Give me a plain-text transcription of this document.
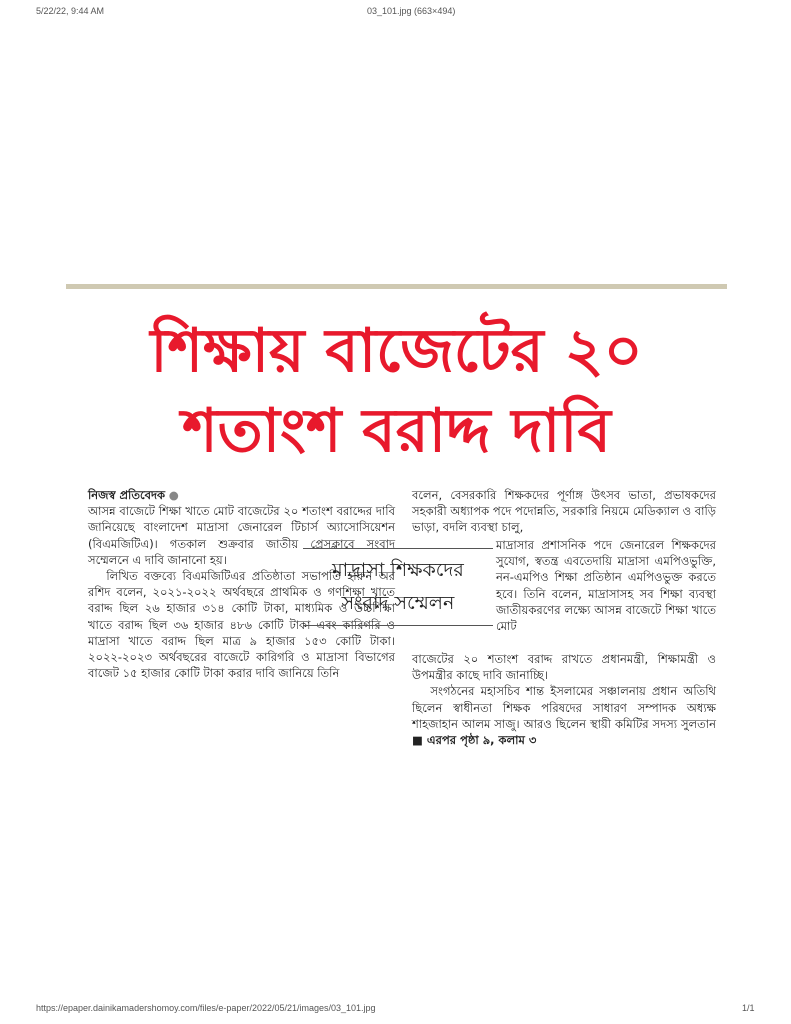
5/22/22, 9:44 AM	03_101.jpg (663×494)
শিক্ষায় বাজেটের ২০
শতাংশ বরাদ্দ দাবি

নিজস্ব প্রতিবেদক ●

আসন্ন বাজেটে শিক্ষা খাতে মোট বাজেটের ২০ শতাংশ বরাদ্দের দাবি জানিয়েছে বাংলাদেশ মাদ্রাসা জেনারেল টিচার্স অ্যাসোসিয়েশন (বিএমজিটিএ)। গতকাল শুক্রবার জাতীয় প্রেসক্লাবে সংবাদ সম্মেলনে এ দাবি জানানো হয়।

লিখিত বক্তব্যে বিএমজিটিএর প্রতিষ্ঠাতা সভাপতি হারুন অর রশিদ বলেন, ২০২১-২০২২ অর্থবছরে প্রাথমিক ও গণশিক্ষা খাতে বরাদ্দ ছিল ২৬ হাজার ৩১৪ কোটি টাকা, মাধ্যমিক ও উচ্চশিক্ষা খাতে বরাদ্দ ছিল ৩৬ হাজার ৪৮৬ কোটি টাকা এবং কারিগরি ও মাদ্রাসা খাতে বরাদ্দ ছিল মাত্র ৯ হাজার ১৫৩ কোটি টাকা। ২০২২-২০২৩ অর্থবছরের বাজেটে কারিগরি ও মাদ্রাসা বিভাগের বাজেট ১৫ হাজার কোটি টাকা করার দাবি জানিয়ে তিনি

বলেন, বেসরকারি শিক্ষকদের পূর্ণাঙ্গ উৎসব ভাতা, প্রভাষকদের সহকারী অধ্যাপক পদে পদোন্নতি, সরকারি নিয়মে মেডিক্যাল ও বাড়ি ভাড়া, বদলি ব্যবস্থা চালু,

মাদ্রাসার প্রশাসনিক পদে জেনারেল শিক্ষকদের সুযোগ, স্বতন্ত্র এবতেদায়ি মাদ্রাসা এমপিওভুক্তি, নন-এমপিও শিক্ষা প্রতিষ্ঠান এমপিওভুক্ত করতে হবে। তিনি বলেন, মাদ্রাসাসহ সব শিক্ষা ব্যবস্থা জাতীয়করণের লক্ষ্যে আসন্ন বাজেটে শিক্ষা খাতে মোট

বাজেটের ২০ শতাংশ বরাদ্দ রাখতে প্রধানমন্ত্রী, শিক্ষামন্ত্রী ও উপমন্ত্রীর কাছে দাবি জানাচ্ছি।

সংগঠনের মহাসচিব শান্ত ইসলামের সঞ্চালনায় প্রধান অতিথি ছিলেন স্বাধীনতা শিক্ষক পরিষদের সাধারণ সম্পাদক অধ্যক্ষ শাহজাহান আলম সাজু। আরও ছিলেন স্থায়ী কমিটির সদস্য সুলতান ■ এরপর পৃষ্ঠা ৯, কলাম ৩

মাদ্রাসা শিক্ষকদের
সংবাদ সম্মেলন
https://epaper.dainikamadershomoy.com/files/e-paper/2022/05/21/images/03_101.jpg	1/1
